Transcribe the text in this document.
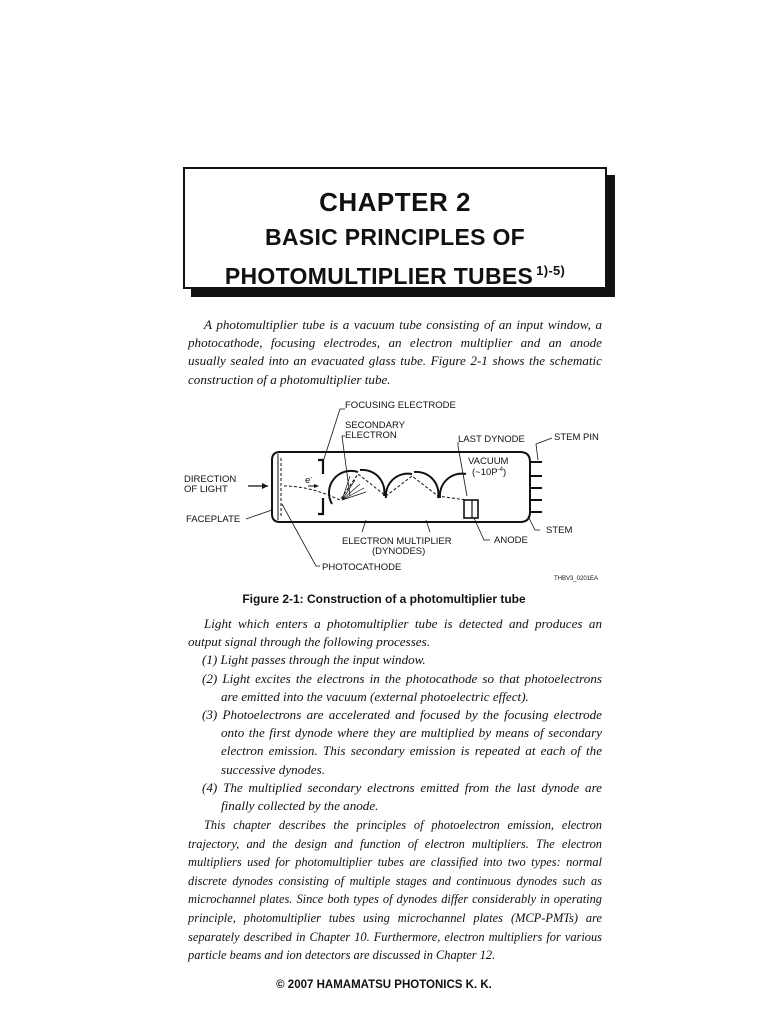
CHAPTER 2
BASIC PRINCIPLES OF
PHOTOMULTIPLIER TUBES $^{1)-5)}$

A photomultiplier tube is a vacuum tube consisting of an input window, a photocathode, focusing electrodes, an electron multiplier and an anode usually sealed into an evacuated glass tube. Figure 2-1 shows the schematic construction of a photomultiplier tube.

FOCUSING ELECTRODE
SECONDARY
ELECTRON	LAST DYNODE	STEM PIN
VACUUM
$(\sim 10P^{-4})$
DIRECTION
OF LIGHT
e-
FACEPLATE
STEM
ELECTRON MULTIPLIER
(DYNODES)
ANODE
PHOTOCATHODE
THBV3_0201EA
Figure 2-1: Construction of a photomultiplier tube

Light which enters a photomultiplier tube is detected and produces an output signal through the following processes.

(1) Light passes through the input window.

(2) Light excites the electrons in the photocathode so that photoelectrons are emitted into the vacuum (external photoelectric effect).

(3) Photoelectrons are accelerated and focused by the focusing electrode onto the first dynode where they are multiplied by means of secondary electron emission. This secondary emission is repeated at each of the successive dynodes.

(4) The multiplied secondary electrons emitted from the last dynode are finally collected by the anode.

This chapter describes the principles of photoelectron emission, electron trajectory, and the design and function of electron multipliers. The electron multipliers used for photomultiplier tubes are classified into two types: normal discrete dynodes consisting of multiple stages and continuous dynodes such as microchannel plates. Since both types of dynodes differ considerably in operating principle, photomultiplier tubes using microchannel plates (MCP-PMTs) are separately described in Chapter 10. Furthermore, electron multipliers for various particle beams and ion detectors are discussed in Chapter 12.

© 2007 HAMAMATSU PHOTONICS K. K.
